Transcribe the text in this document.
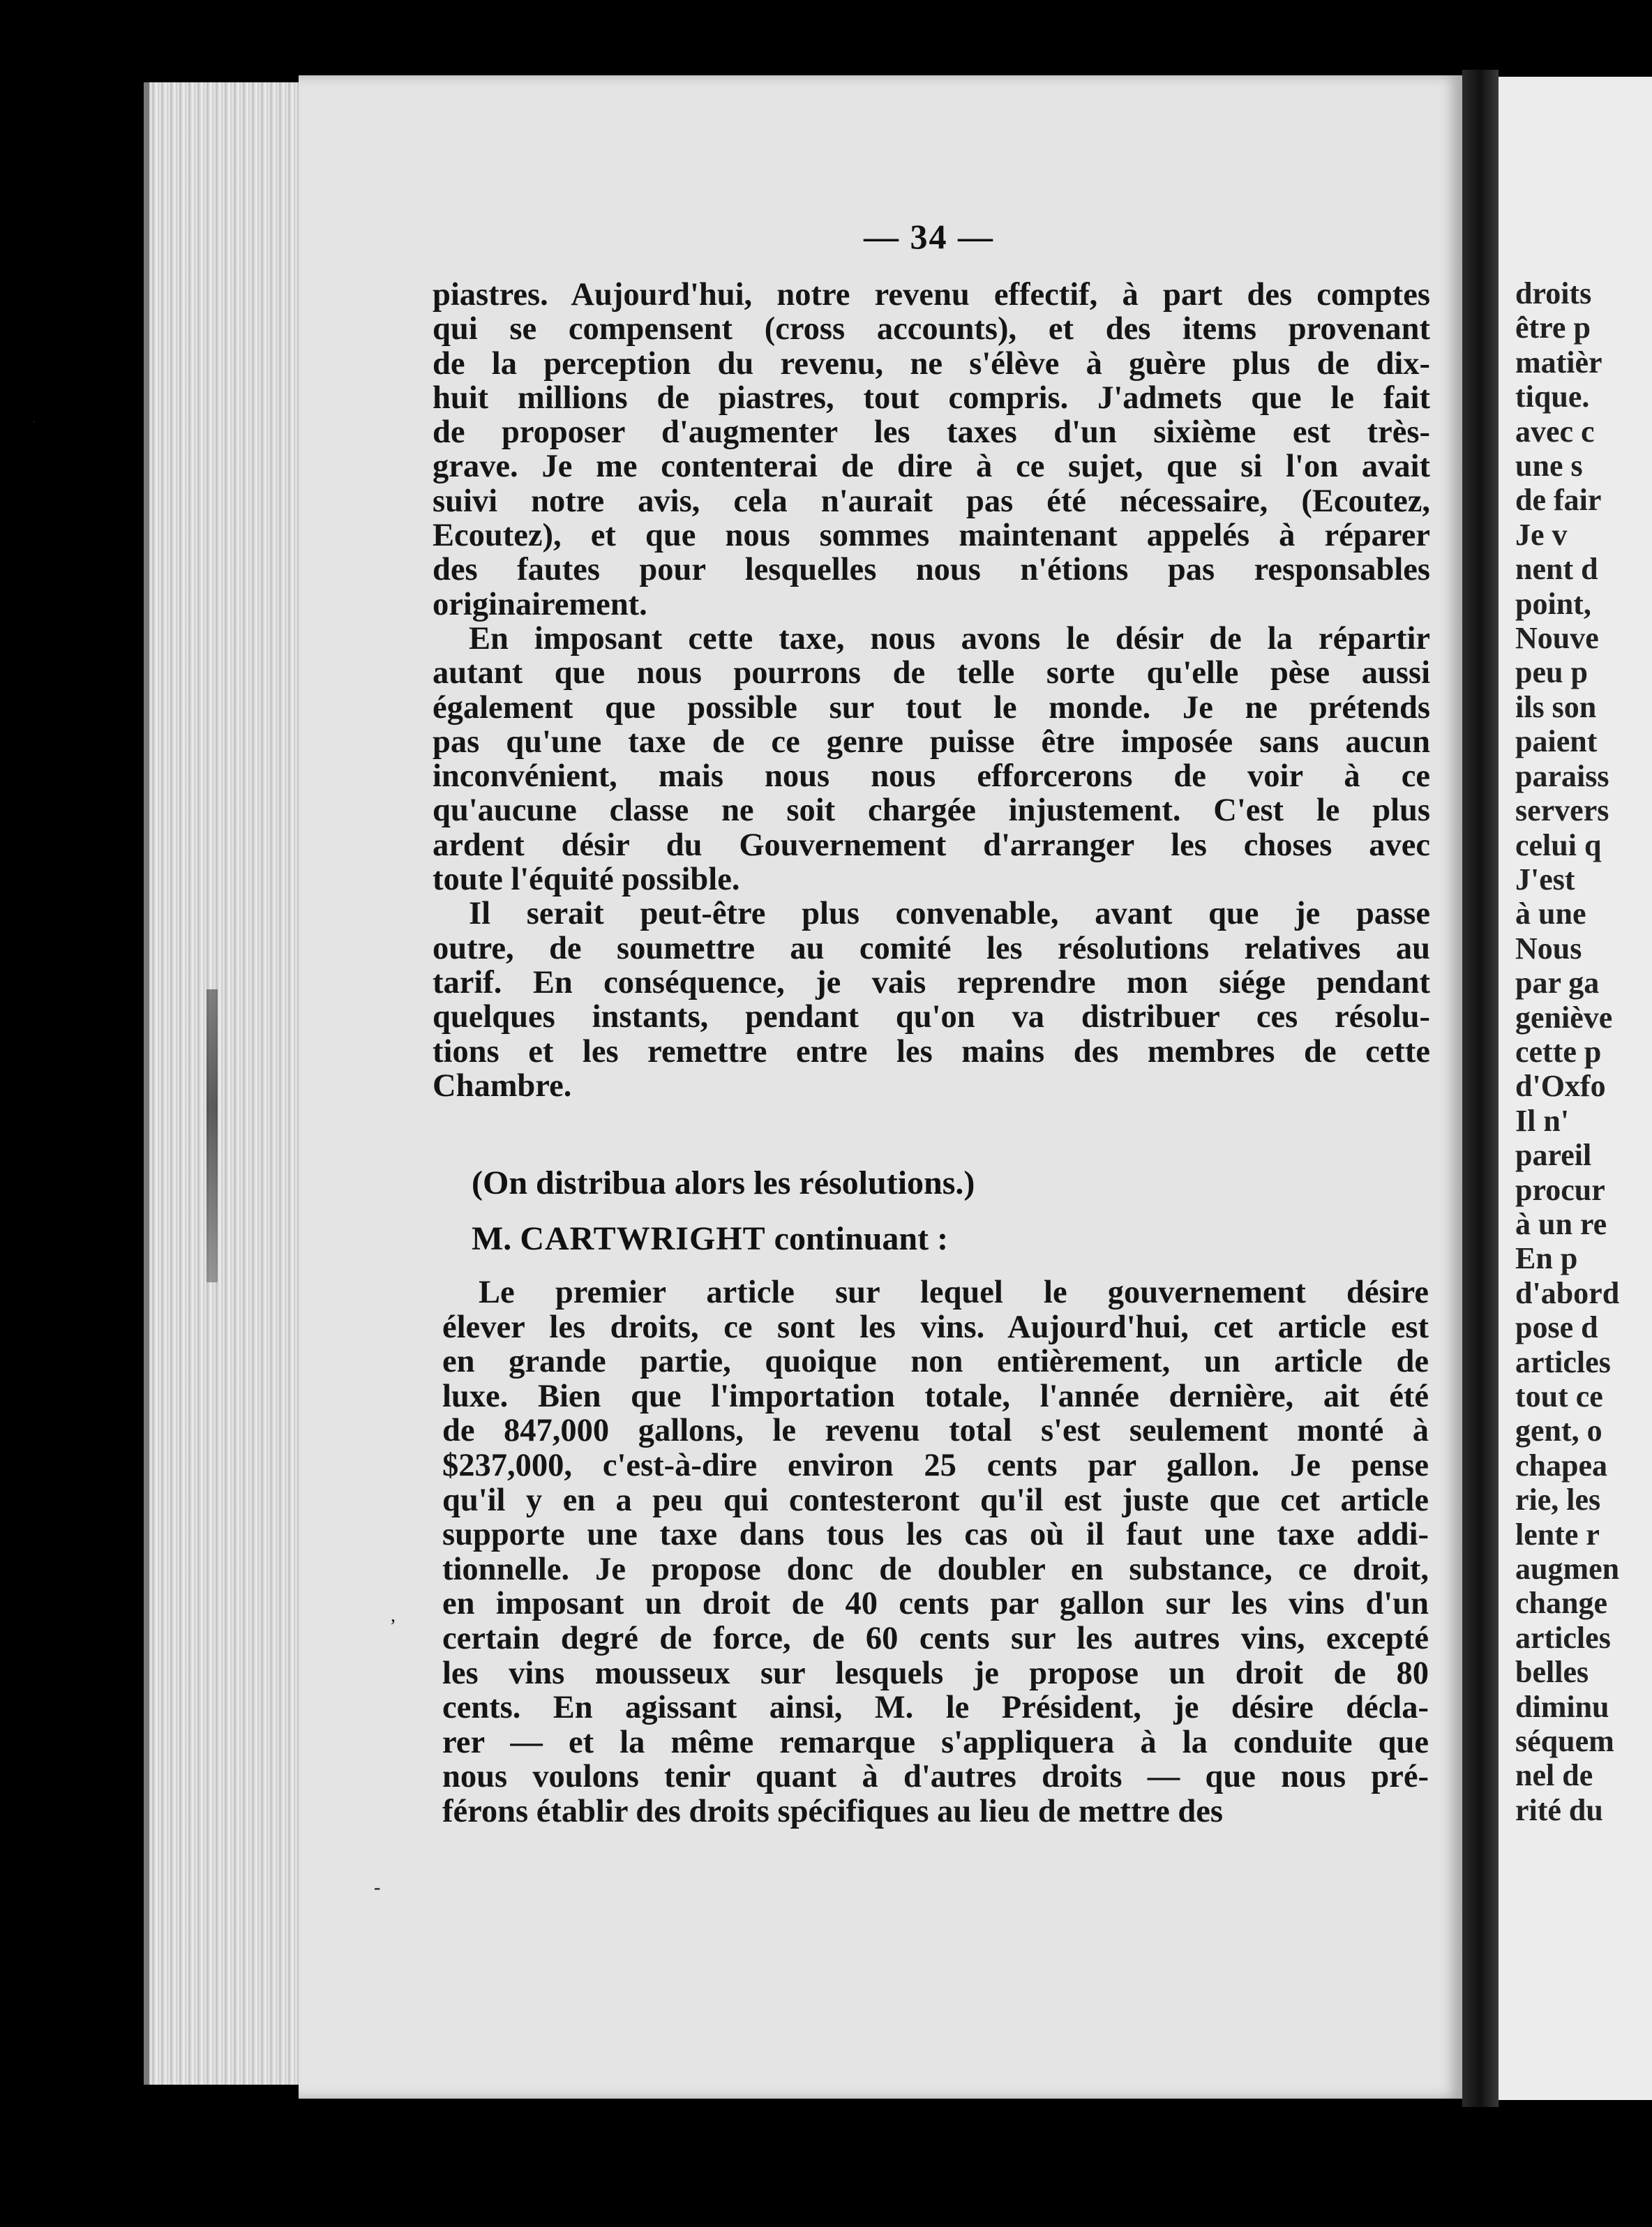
droits
être p
matièr
tique.
avec c
une s
de fair
Je v
nent d
point,
Nouve
peu p
ils son
paient
paraiss
servers
celui q
J'est
à une
Nous
par ga
geniève
cette p
d'Oxfo
Il n'
pareil
procur
à un re
En p
d'abord
pose d
articles
tout ce
gent, o
chapea
rie, les
lente r
augmen
change
articles
belles
diminu
séquem
nel de
rité du
— 34 —
piastres. Aujourd'hui, notre revenu effectif, à part des comptes
qui se compensent (cross accounts), et des items provenant
de la perception du revenu, ne s'élève à guère plus de dix-
huit millions de piastres, tout compris. J'admets que le fait
de proposer d'augmenter les taxes d'un sixième est très-
grave. Je me contenterai de dire à ce sujet, que si l'on avait
suivi notre avis, cela n'aurait pas été nécessaire, (Ecoutez,
Ecoutez), et que nous sommes maintenant appelés à réparer
des fautes pour lesquelles nous n'étions pas responsables
originairement.
En imposant cette taxe, nous avons le désir de la répartir
autant que nous pourrons de telle sorte qu'elle pèse aussi
également que possible sur tout le monde. Je ne prétends
pas qu'une taxe de ce genre puisse être imposée sans aucun
inconvénient, mais nous nous efforcerons de voir à ce
qu'aucune classe ne soit chargée injustement. C'est le plus
ardent désir du Gouvernement d'arranger les choses avec
toute l'équité possible.
Il serait peut-être plus convenable, avant que je passe
outre, de soumettre au comité les résolutions relatives au
tarif. En conséquence, je vais reprendre mon siége pendant
quelques instants, pendant qu'on va distribuer ces résolu-
tions et les remettre entre les mains des membres de cette
Chambre.
(On distribua alors les résolutions.)
M. CARTWRIGHT continuant :
Le premier article sur lequel le gouvernement désire
élever les droits, ce sont les vins. Aujourd'hui, cet article est
en grande partie, quoique non entièrement, un article de
luxe. Bien que l'importation totale, l'année dernière, ait été
de 847,000 gallons, le revenu total s'est seulement monté à
$237,000, c'est-à-dire environ 25 cents par gallon. Je pense
qu'il y en a peu qui contesteront qu'il est juste que cet article
supporte une taxe dans tous les cas où il faut une taxe addi-
tionnelle. Je propose donc de doubler en substance, ce droit,
en imposant un droit de 40 cents par gallon sur les vins d'un
certain degré de force, de 60 cents sur les autres vins, excepté
les vins mousseux sur lesquels je propose un droit de 80
cents. En agissant ainsi, M. le Président, je désire décla-
rer — et la même remarque s'appliquera à la conduite que
nous voulons tenir quant à d'autres droits — que nous pré-
férons établir des droits spécifiques au lieu de mettre des
·
,
-
